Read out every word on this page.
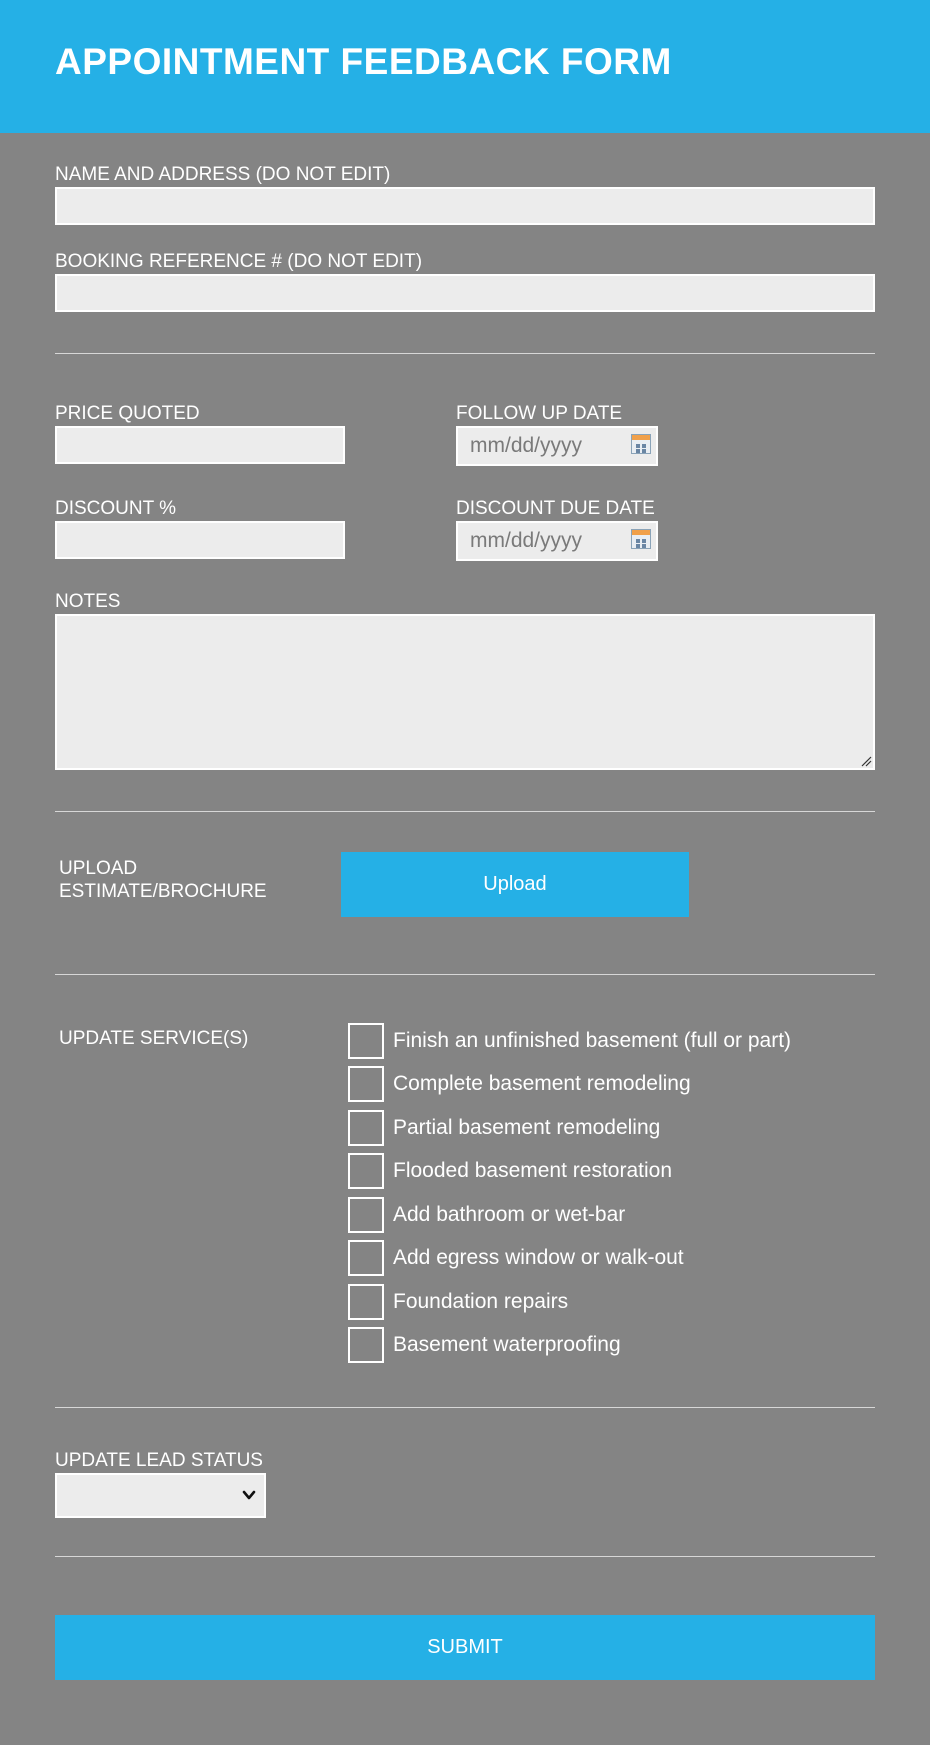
APPOINTMENT FEEDBACK FORM
NAME AND ADDRESS (DO NOT EDIT)
BOOKING REFERENCE # (DO NOT EDIT)
PRICE QUOTED	FOLLOW UP DATE
mm/dd/yyyy
DISCOUNT %	DISCOUNT DUE DATE
mm/dd/yyyy
NOTES
UPLOAD
ESTIMATE/BROCHURE	Upload
UPDATE SERVICE(S)	Finish an unfinished basement (full or part)
Complete basement remodeling
Partial basement remodeling
Flooded basement restoration
Add bathroom or wet-bar
Add egress window or walk-out
Foundation repairs
Basement waterproofing
UPDATE LEAD STATUS
SUBMIT
